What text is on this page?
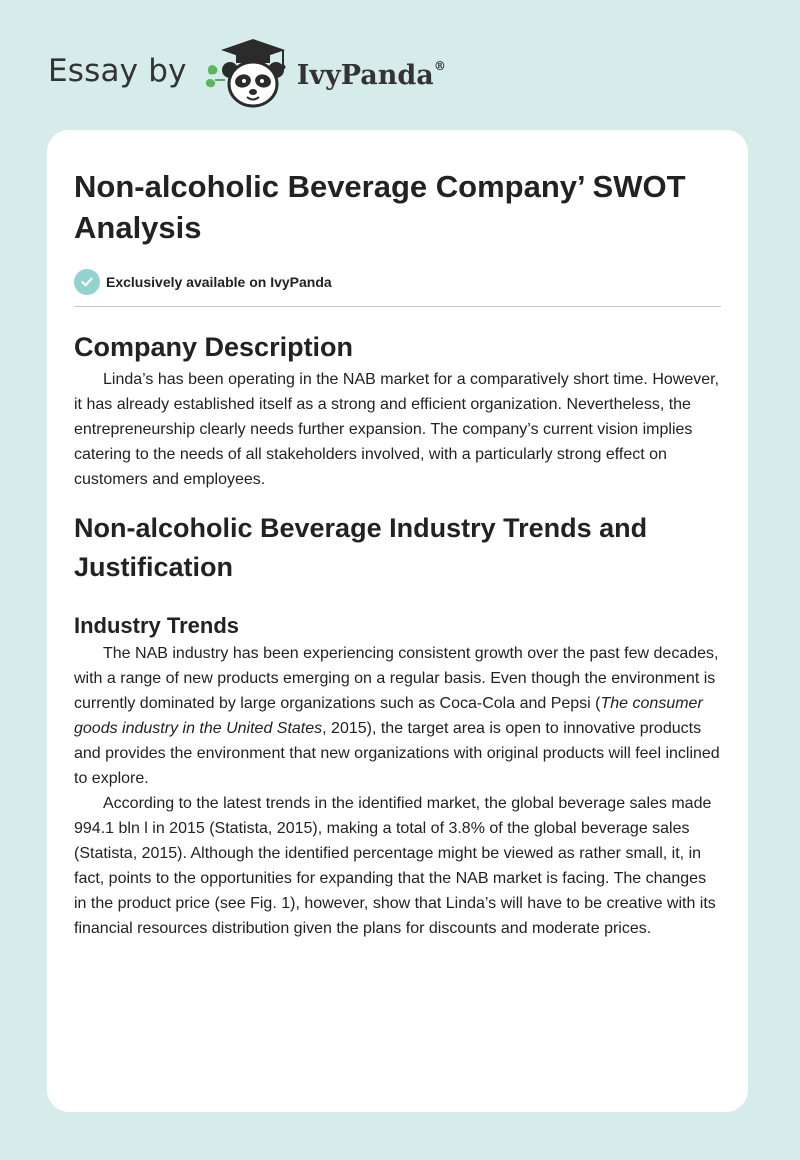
Essay by	IvyPanda®
Non-alcoholic Beverage Company’ SWOT Analysis
Exclusively available on IvyPanda
Company Description

Linda’s has been operating in the NAB market for a comparatively short time. However, it has already established itself as a strong and efficient organization. Nevertheless, the entrepreneurship clearly needs further expansion. The company’s current vision implies catering to the needs of all stakeholders involved, with a particularly strong effect on customers and employees.

Non-alcoholic Beverage Industry Trends and Justification
Industry Trends

The NAB industry has been experiencing consistent growth over the past few decades, with a range of new products emerging on a regular basis. Even though the environment is currently dominated by large organizations such as Coca-Cola and Pepsi (The consumer goods industry in the United States, 2015), the target area is open to innovative products and provides the environment that new organizations with original products will feel inclined to explore.

According to the latest trends in the identified market, the global beverage sales made 994.1 bln l in 2015 (Statista, 2015), making a total of 3.8% of the global beverage sales (Statista, 2015). Although the identified percentage might be viewed as rather small, it, in fact, points to the opportunities for expanding that the NAB market is facing. The changes in the product price (see Fig. 1), however, show that Linda’s will have to be creative with its financial resources distribution given the plans for discounts and moderate prices.
